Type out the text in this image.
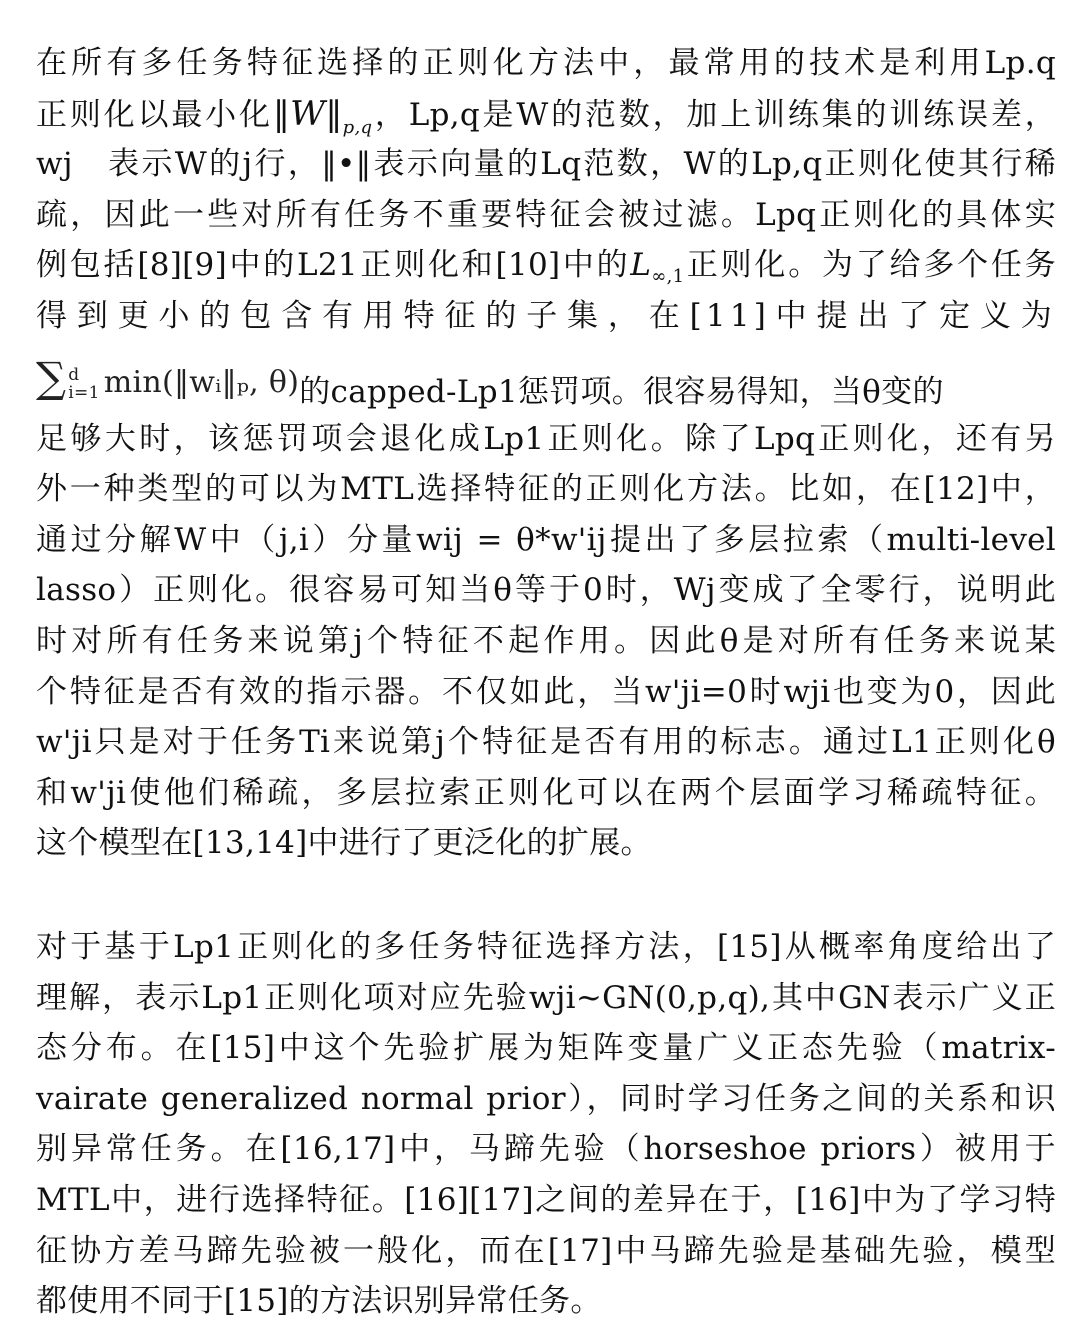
在所有多任务特征选择的正则化方法中，最常用的技术是利用Lp.q
正则化以最小化$‖W‖_{p,q}$，Lp,q是W的范数，加上训练集的训练误差，
wj　表示W的j行，‖•‖表示向量的Lq范数，W的Lp,q正则化使其行稀
疏，因此一些对所有任务不重要特征会被过滤。Lpq正则化的具体实
例包括[8][9]中的L21正则化和[10]中的$L_{\infty,1}$正则化。为了给多个任务
得到更小的包含有用特征的子集，在[11]中提出了定义为
∑ d
i=1 min(‖wᵢ‖ₚ, θ)的capped-Lp1惩罚项。很容易得知，当θ变的
足够大时，该惩罚项会退化成Lp1正则化。除了Lpq正则化，还有另
外一种类型的可以为MTL选择特征的正则化方法。比如，在[12]中，
通过分解W中（j,i）分量wij = θ*w'ij提出了多层拉索（multi-level
lasso）正则化。很容易可知当θ等于0时，Wj变成了全零行，说明此
时对所有任务来说第j个特征不起作用。因此θ是对所有任务来说某
个特征是否有效的指示器。不仅如此，当w'ji=0时wji也变为0，因此
w'ji只是对于任务Ti来说第j个特征是否有用的标志。通过L1正则化θ
和w'ji使他们稀疏，多层拉索正则化可以在两个层面学习稀疏特征。
这个模型在[13,14]中进行了更泛化的扩展。
对于基于Lp1正则化的多任务特征选择方法，[15]从概率角度给出了
理解，表示Lp1正则化项对应先验wji~GN(0,p,q),其中GN表示广义正
态分布。在[15]中这个先验扩展为矩阵变量广义正态先验（matrix-
vairate generalized normal prior），同时学习任务之间的关系和识
别异常任务。在[16,17]中，马蹄先验（horseshoe priors）被用于
MTL中，进行选择特征。[16][17]之间的差异在于，[16]中为了学习特
征协方差马蹄先验被一般化，而在[17]中马蹄先验是基础先验，模型
都使用不同于[15]的方法识别异常任务。
